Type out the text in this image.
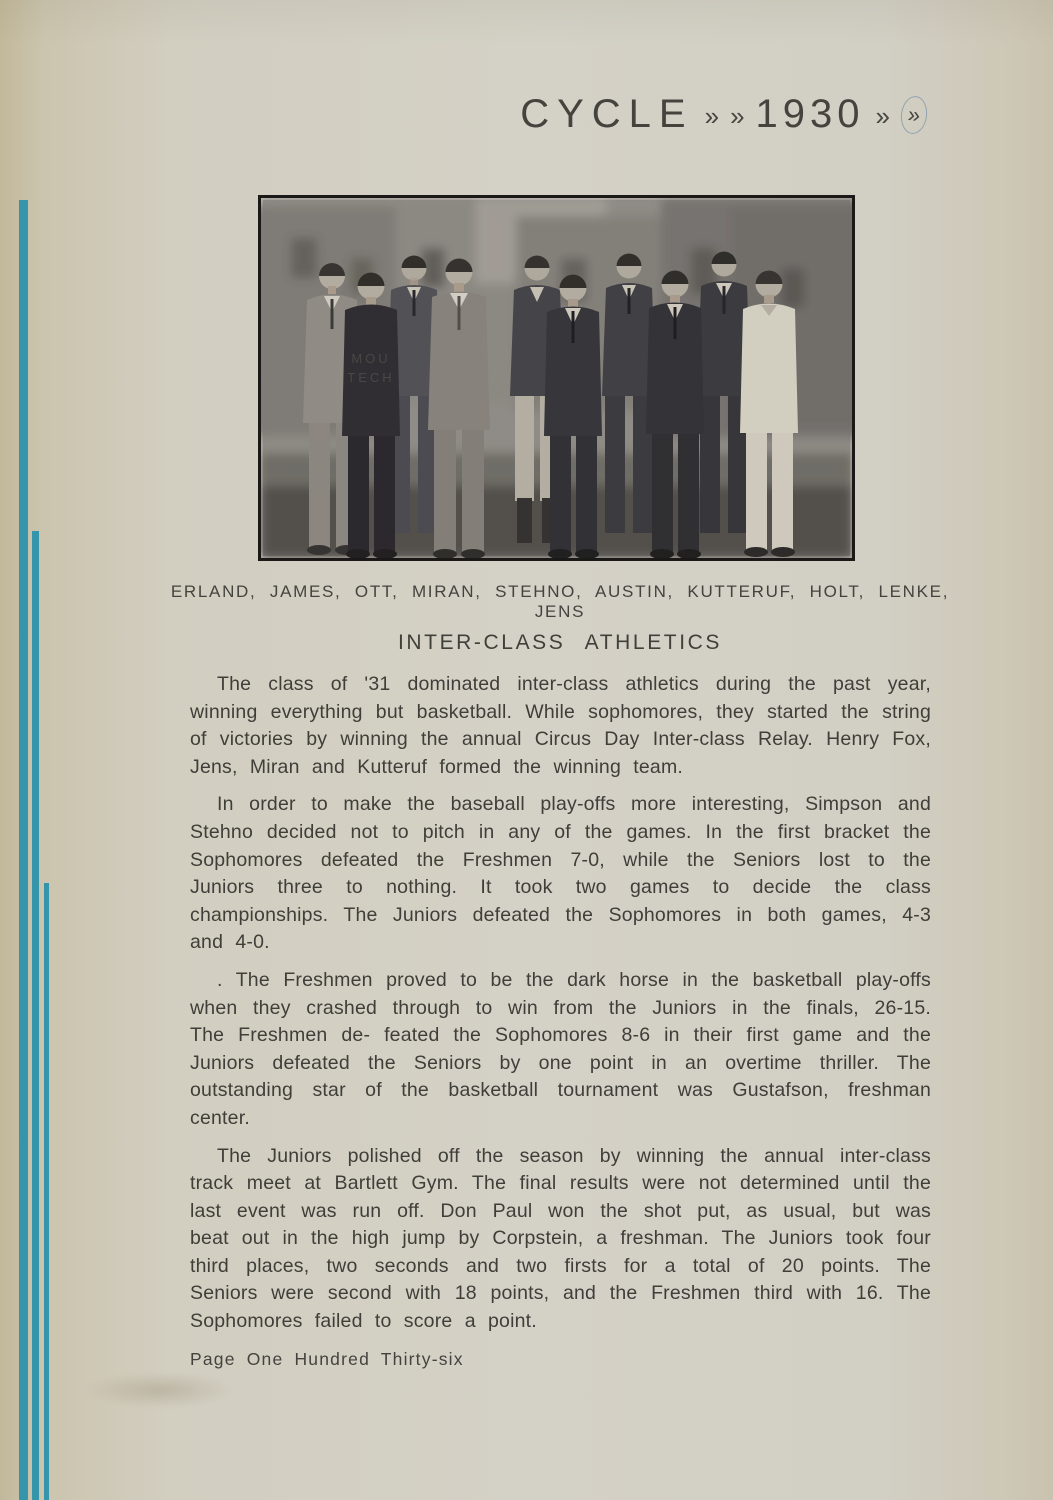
CYCLE » » 1930 » »
MOU
TECH
ERLAND, JAMES, OTT, MIRAN, STEHNO, AUSTIN, KUTTERUF, HOLT, LENKE, JENS
INTER-CLASS ATHLETICS

The class of '31 dominated inter-class athletics during the past year, winning everything but basketball. While sophomores, they started the string of victories by winning the annual Circus Day Inter-class Relay. Henry Fox, Jens, Miran and Kutteruf formed the winning team.

In order to make the baseball play-offs more interesting, Simpson and Stehno decided not to pitch in any of the games. In the first bracket the Sophomores defeated the Freshmen 7-0, while the Seniors lost to the Juniors three to nothing. It took two games to decide the class championships. The Juniors defeated the Sophomores in both games, 4-3 and 4-0.

. The Freshmen proved to be the dark horse in the basketball play-offs when they crashed through to win from the Juniors in the finals, 26-15. The Freshmen de- feated the Sophomores 8-6 in their first game and the Juniors defeated the Seniors by one point in an overtime thriller. The outstanding star of the basketball tournament was Gustafson, freshman center.

The Juniors polished off the season by winning the annual inter-class track meet at Bartlett Gym. The final results were not determined until the last event was run off. Don Paul won the shot put, as usual, but was beat out in the high jump by Corpstein, a freshman. The Juniors took four third places, two seconds and two firsts for a total of 20 points. The Seniors were second with 18 points, and the Freshmen third with 16. The Sophomores failed to score a point.

Page One Hundred Thirty-six
